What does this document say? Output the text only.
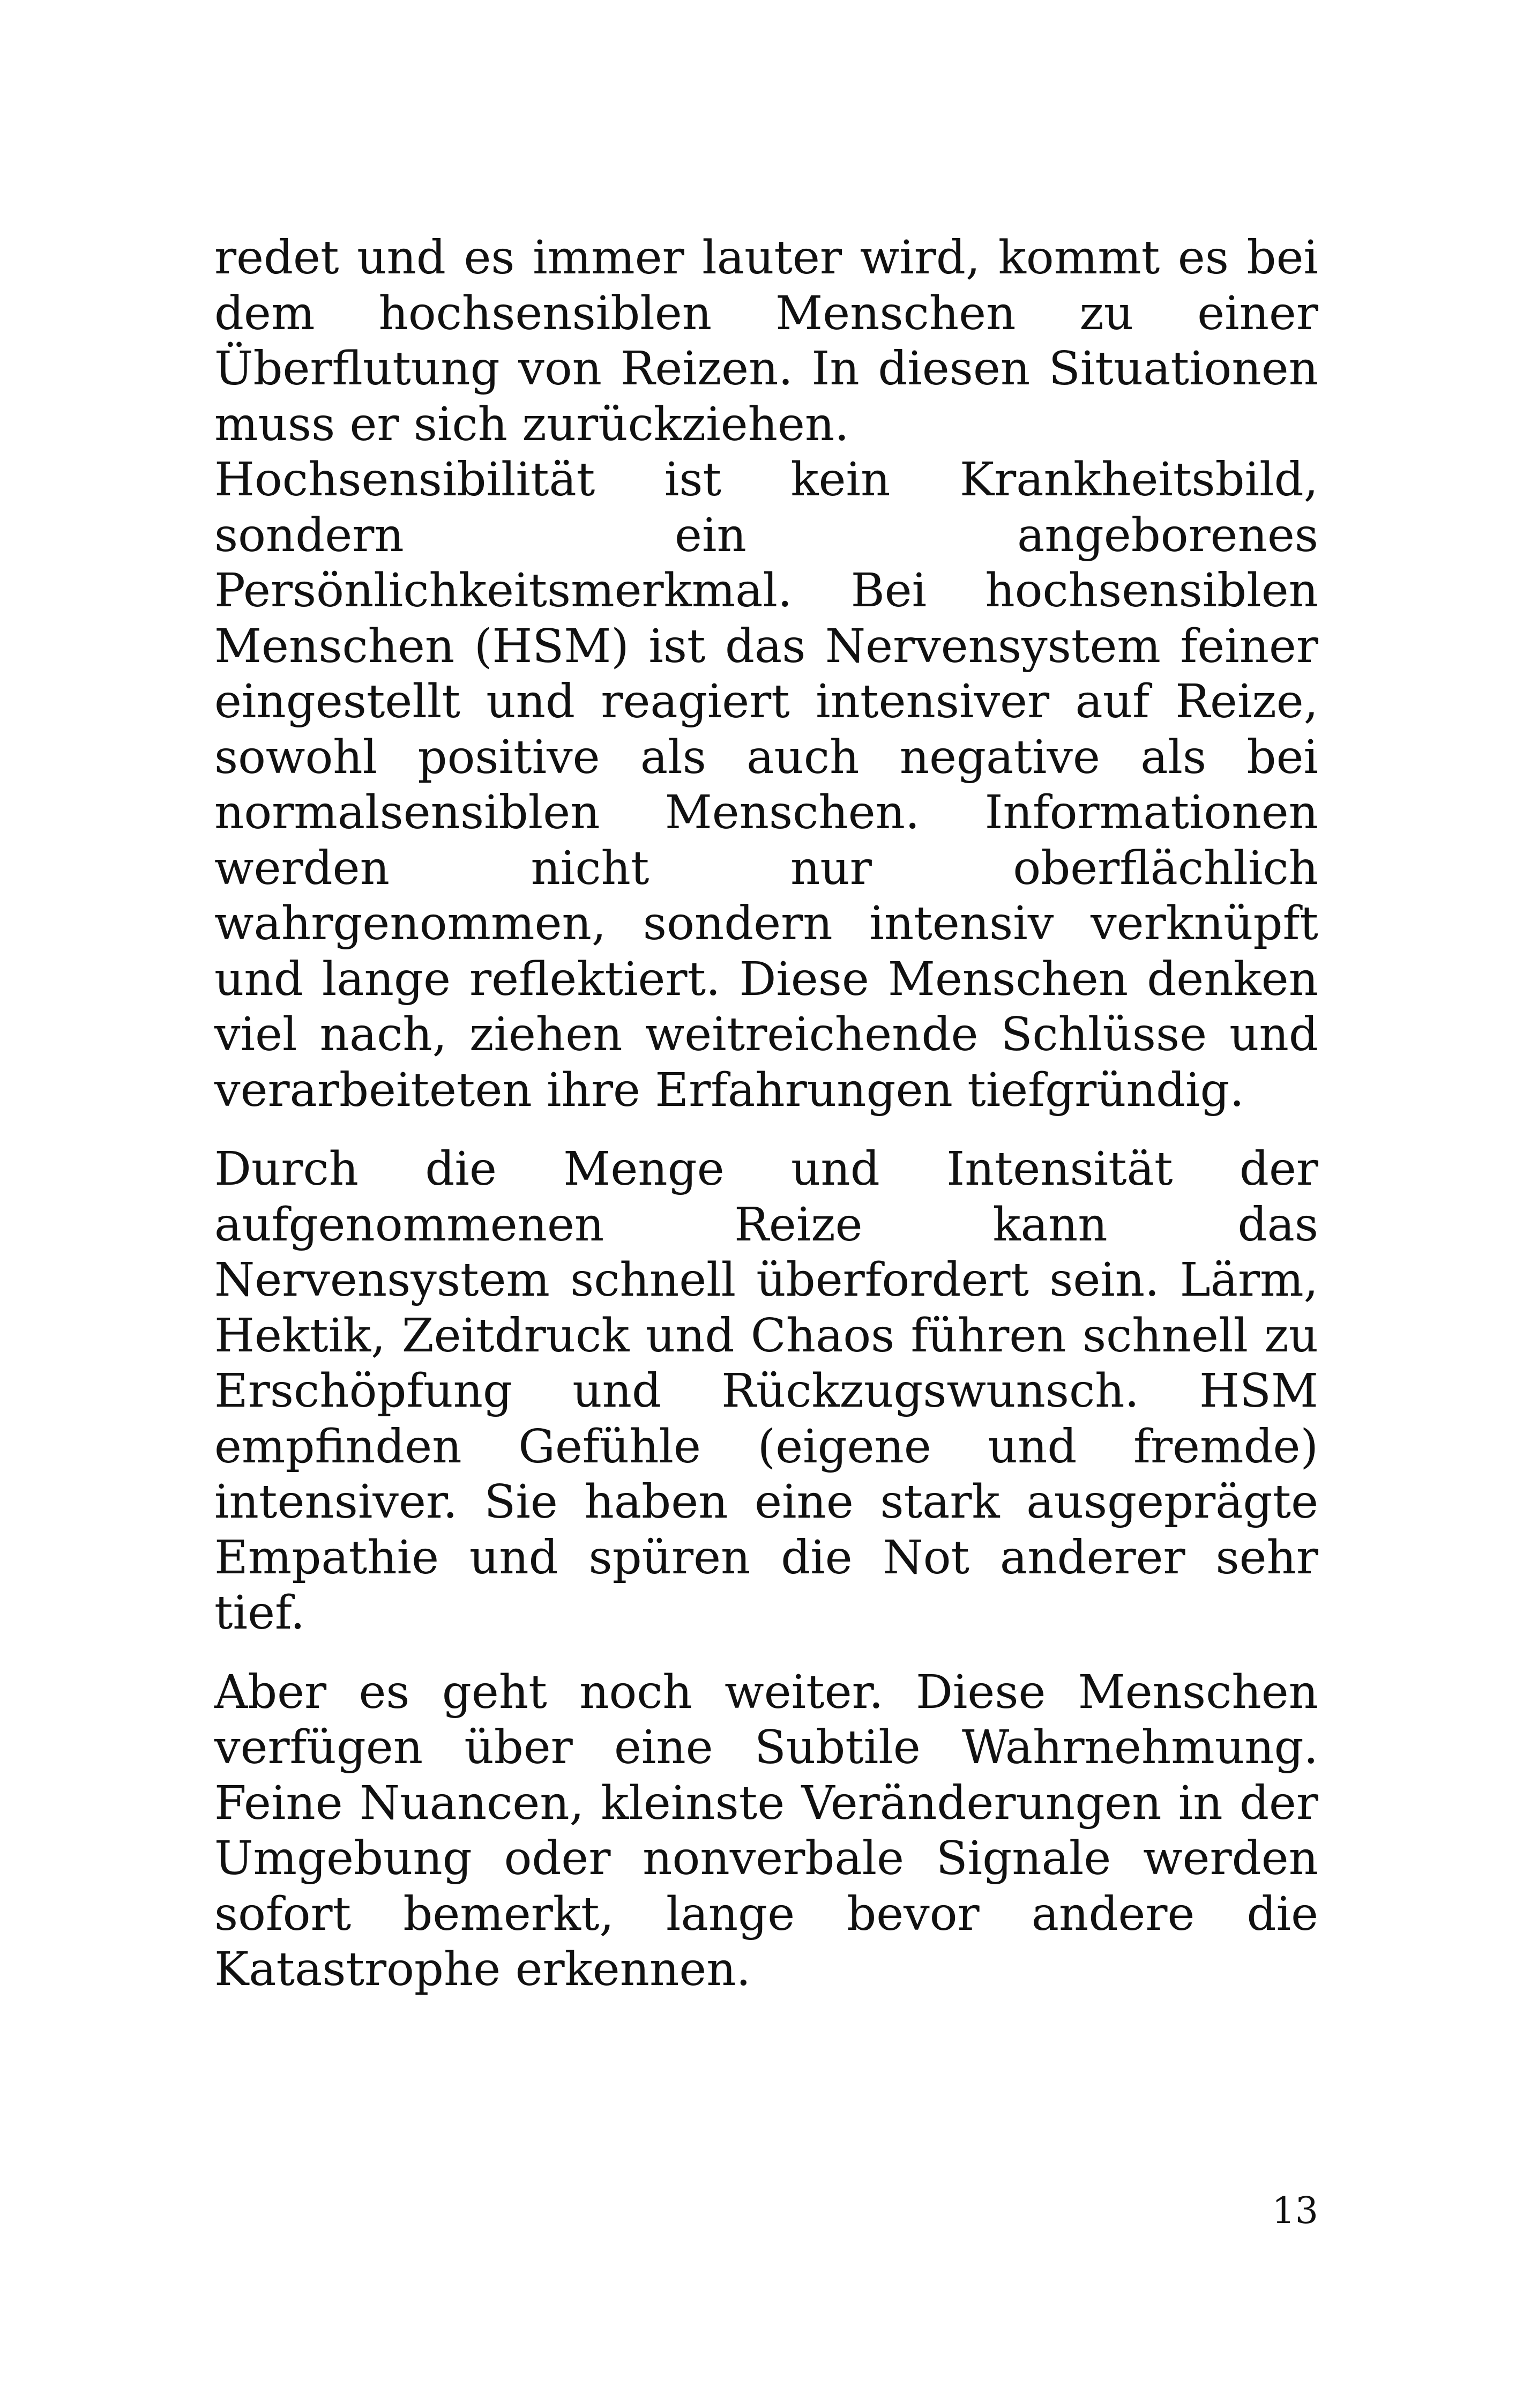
redet und es immer lauter wird, kommt es bei dem hochsensiblen Menschen zu einer Überflutung von Reizen. In diesen Situationen muss er sich zurückziehen.

Hochsensibilität ist kein Krankheitsbild, sondern ein angeborenes Persönlichkeitsmerkmal. Bei hochsensiblen Menschen (HSM) ist das Nervensystem feiner eingestellt und reagiert intensiver auf Reize, sowohl positive als auch negative als bei normalsensiblen Menschen. Informationen werden nicht nur oberflächlich wahrgenommen, sondern intensiv verknüpft und lange reflektiert. Diese Menschen denken viel nach, ziehen weitreichende Schlüsse und verarbeiteten ihre Erfahrungen tiefgründig.

Durch die Menge und Intensität der aufgenommenen Reize kann das Nervensystem schnell überfordert sein. Lärm, Hektik, Zeitdruck und Chaos führen schnell zu Erschöpfung und Rückzugswunsch. HSM empfinden Gefühle (eigene und fremde) intensiver. Sie haben eine stark ausgeprägte Empathie und spüren die Not anderer sehr tief.

Aber es geht noch weiter. Diese Menschen verfügen über eine Subtile Wahrnehmung. Feine Nuancen, kleinste Veränderungen in der Umgebung oder nonverbale Signale werden sofort bemerkt, lange bevor andere die Katastrophe erkennen.

13
